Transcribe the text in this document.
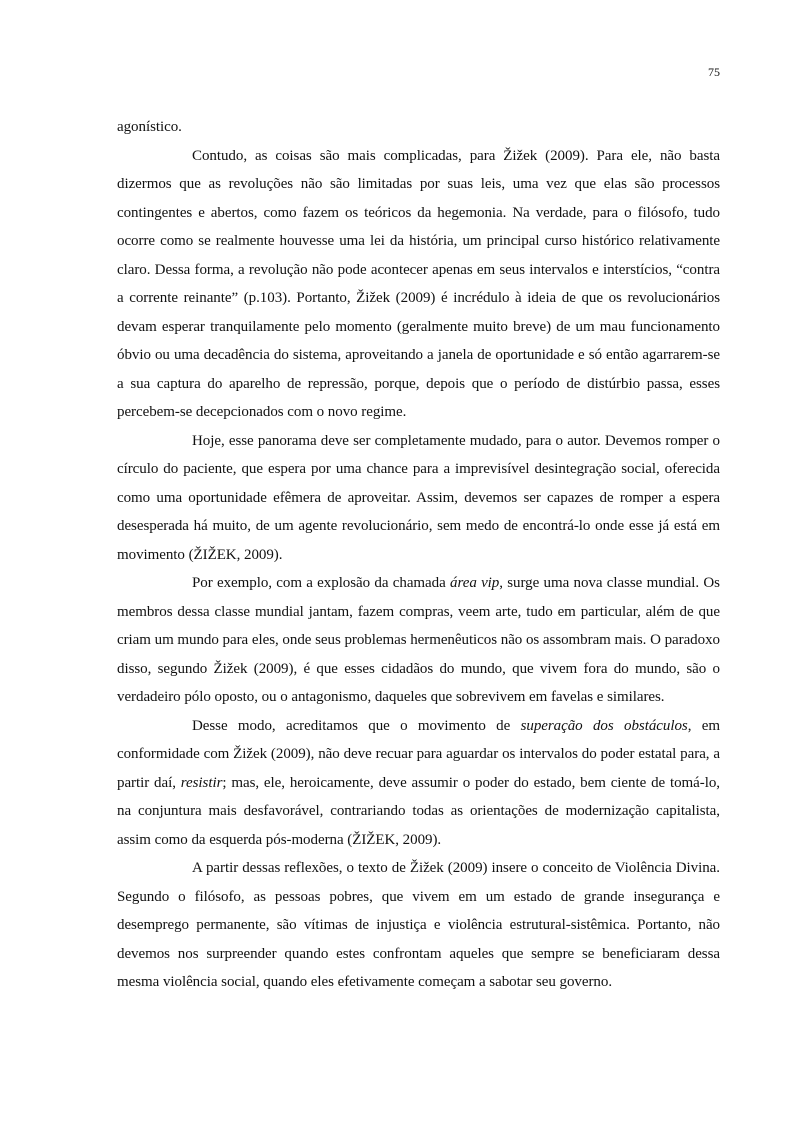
75

agonístico.

Contudo, as coisas são mais complicadas, para Žižek (2009). Para ele, não basta dizermos que as revoluções não são limitadas por suas leis, uma vez que elas são processos contingentes e abertos, como fazem os teóricos da hegemonia. Na verdade, para o filósofo, tudo ocorre como se realmente houvesse uma lei da história, um principal curso histórico relativamente claro. Dessa forma, a revolução não pode acontecer apenas em seus intervalos e interstícios, “contra a corrente reinante” (p.103). Portanto, Žižek (2009) é incrédulo à ideia de que os revolucionários devam esperar tranquilamente pelo momento (geralmente muito breve) de um mau funcionamento óbvio ou uma decadência do sistema, aproveitando a janela de oportunidade e só então agarrarem-se a sua captura do aparelho de repressão, porque, depois que o período de distúrbio passa, esses percebem-se decepcionados com o novo regime.

Hoje, esse panorama deve ser completamente mudado, para o autor. Devemos romper o círculo do paciente, que espera por uma chance para a imprevisível desintegração social, oferecida como uma oportunidade efêmera de aproveitar. Assim, devemos ser capazes de romper a espera desesperada há muito, de um agente revolucionário, sem medo de encontrá-lo onde esse já está em movimento (ŽIŽEK, 2009).

Por exemplo, com a explosão da chamada área vip, surge uma nova classe mundial. Os membros dessa classe mundial jantam, fazem compras, veem arte, tudo em particular, além de que criam um mundo para eles, onde seus problemas hermenêuticos não os assombram mais. O paradoxo disso, segundo Žižek (2009), é que esses cidadãos do mundo, que vivem fora do mundo, são o verdadeiro pólo oposto, ou o antagonismo, daqueles que sobrevivem em favelas e similares.

Desse modo, acreditamos que o movimento de superação dos obstáculos, em conformidade com Žižek (2009), não deve recuar para aguardar os intervalos do poder estatal para, a partir daí, resistir; mas, ele, heroicamente, deve assumir o poder do estado, bem ciente de tomá-lo, na conjuntura mais desfavorável, contrariando todas as orientações de modernização capitalista, assim como da esquerda pós-moderna (ŽIŽEK, 2009).

A partir dessas reflexões, o texto de Žižek (2009) insere o conceito de Violência Divina. Segundo o filósofo, as pessoas pobres, que vivem em um estado de grande insegurança e desemprego permanente, são vítimas de injustiça e violência estrutural-sistêmica. Portanto, não devemos nos surpreender quando estes confrontam aqueles que sempre se beneficiaram dessa mesma violência social, quando eles efetivamente começam a sabotar seu governo.
